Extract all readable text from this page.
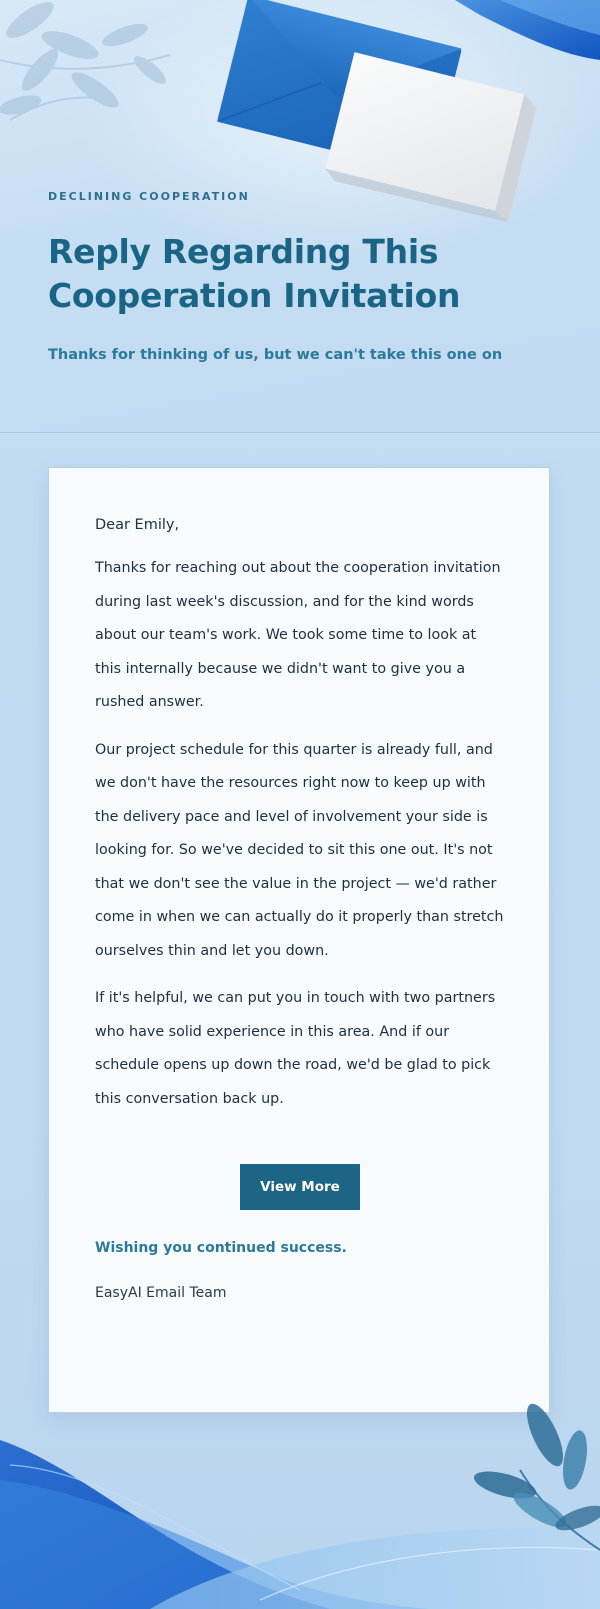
DECLINING COOPERATION

Reply Regarding This Cooperation Invitation

Thanks for thinking of us, but we can't take this one on

Dear Emily,

Thanks for reaching out about the cooperation invitation during last week's discussion, and for the kind words about our team's work. We took some time to look at this internally because we didn't want to give you a rushed answer.

Our project schedule for this quarter is already full, and we don't have the resources right now to keep up with the delivery pace and level of involvement your side is looking for. So we've decided to sit this one out. It's not that we don't see the value in the project — we'd rather come in when we can actually do it properly than stretch ourselves thin and let you down.

If it's helpful, we can put you in touch with two partners who have solid experience in this area. And if our schedule opens up down the road, we'd be glad to pick this conversation back up.

View More

Wishing you continued success.

EasyAI Email Team
